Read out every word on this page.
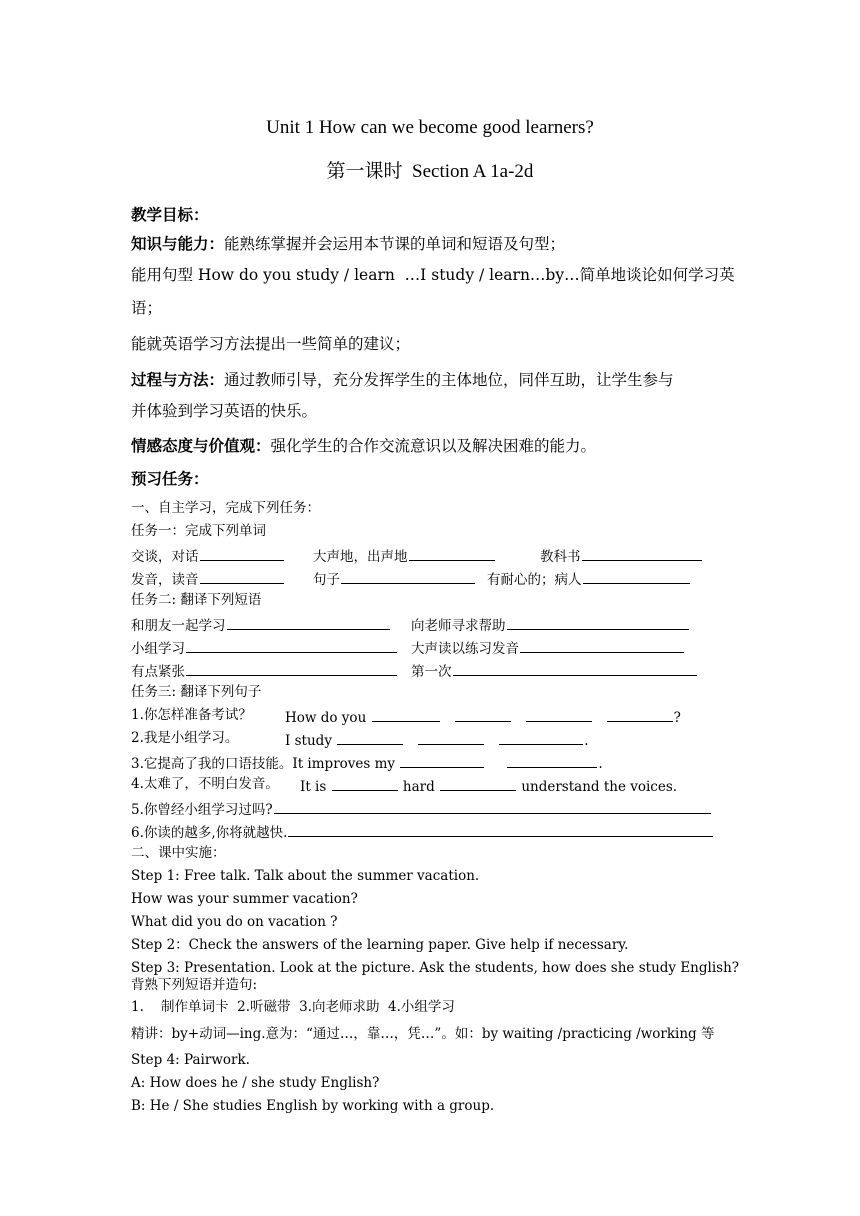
Unit 1 How can we become good learners?
第一课时  Section A 1a-2d
教学目标：
知识与能力：能熟练掌握并会运用本节课的单词和短语及句型；
能用句型 How do you study / learn  …I study / learn…by…简单地谈论如何学习英
语；
能就英语学习方法提出一些简单的建议；
过程与方法：通过教师引导，充分发挥学生的主体地位，同伴互助，让学生参与
并体验到学习英语的快乐。
情感态度与价值观：强化学生的合作交流意识以及解决困难的能力。
预习任务：
一、自主学习，完成下列任务：
任务一：完成下列单词
交谈，对话	大声地，出声地	教科书
发音，读音	句子	有耐心的；病人
任务二: 翻译下列短语
和朋友一起学习	向老师寻求帮助
小组学习	大声读以练习发音
有点紧张	第一次
任务三: 翻译下列句子
1.你怎样准备考试？ How do you	?
2.我是小组学习。	I study	.
3.它提高了我的口语技能。It improves my	.
4.太难了，不明白发音。 It is	hard	understand the voices.
5.你曾经小组学习过吗?
6.你读的越多,你将就越快.
二、课中实施：
Step 1: Free talk. Talk about the summer vacation.
How was your summer vacation?
What did you do on vacation ?
Step 2：Check the answers of the learning paper. Give help if necessary.
Step 3: Presentation. Look at the picture. Ask the students, how does she study English?
背熟下列短语并造句:
1.    制作单词卡  2.听磁带  3.向老师求助  4.小组学习
精讲：by+动词—ing.意为：“通过…，靠…，凭…”。如：by waiting /practicing /working 等
Step 4: Pairwork.
A: How does he / she study English?
B: He / She studies English by working with a group.
